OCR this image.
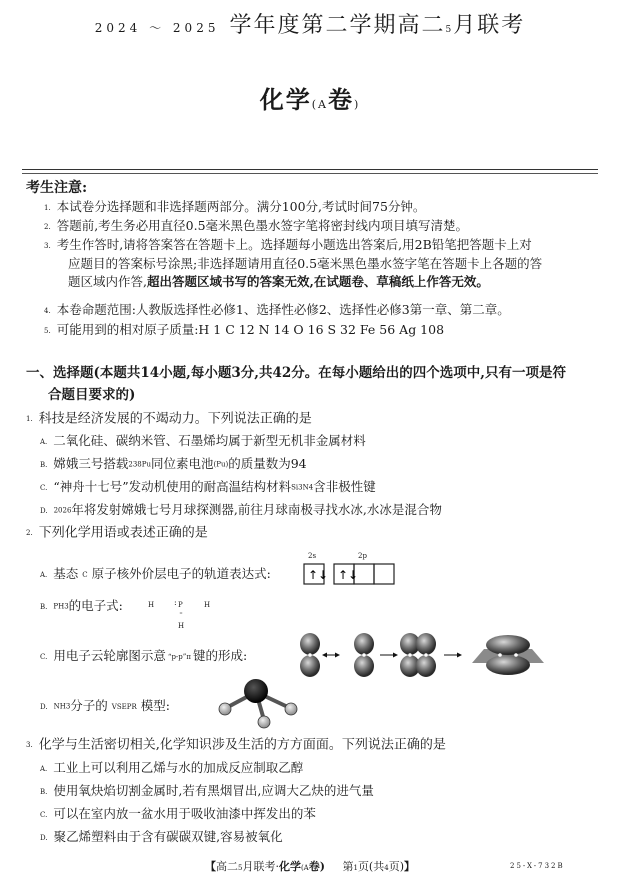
2024 ～ 2025 学年度第二学期高二5月联考
化学(A卷)
考生注意:
1. 本试卷分选择题和非选择题两部分。满分100分,考试时间75分钟。
2. 答题前,考生务必用直径0.5毫米黑色墨水签字笔将密封线内项目填写清楚。
3. 考生作答时,请将答案答在答题卡上。选择题每小题选出答案后,用2B铅笔把答题卡上对
应题目的答案标号涂黑;非选择题请用直径0.5毫米黑色墨水签字笔在答题卡上各题的答
题区域内作答,超出答题区域书写的答案无效,在试题卷、草稿纸上作答无效。
4. 本卷命题范围:人教版选择性必修1、选择性必修2、选择性必修3第一章、第二章。
5. 可能用到的相对原子质量:H 1 C 12 N 14 O 16 S 32 Fe 56 Ag 108
一、选择题(本题共14小题,每小题3分,共42分。在每小题给出的四个选项中,只有一项是符
合题目要求的)
1. 科技是经济发展的不竭动力。下列说法正确的是
A. 二氧化硅、碳纳米管、石墨烯均属于新型无机非金属材料
B. 嫦娥三号搭载238Pu同位素电池(Pu)的质量数为94
C. “神舟十七号”发动机使用的耐高温结构材料Si3N4含非极性键
D. 2026年将发射嫦娥七号月球探测器,前往月球南极寻找水冰,水冰是混合物
2. 下列化学用语或表述正确的是
A. 基态 C 原子核外价层电子的轨道表达式:
2s	2p
↑↓ ↑↓
B. PH3的电子式:	H : P	H
¨
H
C. 用电子云轮廓图示意 “p-p”π 键的形成:
D. NH3分子的 VSEPR 模型:
3. 化学与生活密切相关,化学知识涉及生活的方方面面。下列说法正确的是
A. 工业上可以利用乙烯与水的加成反应制取乙醇
B. 使用氧炔焰切割金属时,若有黑烟冒出,应调大乙炔的进气量
C. 可以在室内放一盆水用于吸收油漆中挥发出的苯
D. 聚乙烯塑料由于含有碳碳双键,容易被氧化
【高二5月联考·化学(A卷) 第1页(共4页)】	25-X-732B
